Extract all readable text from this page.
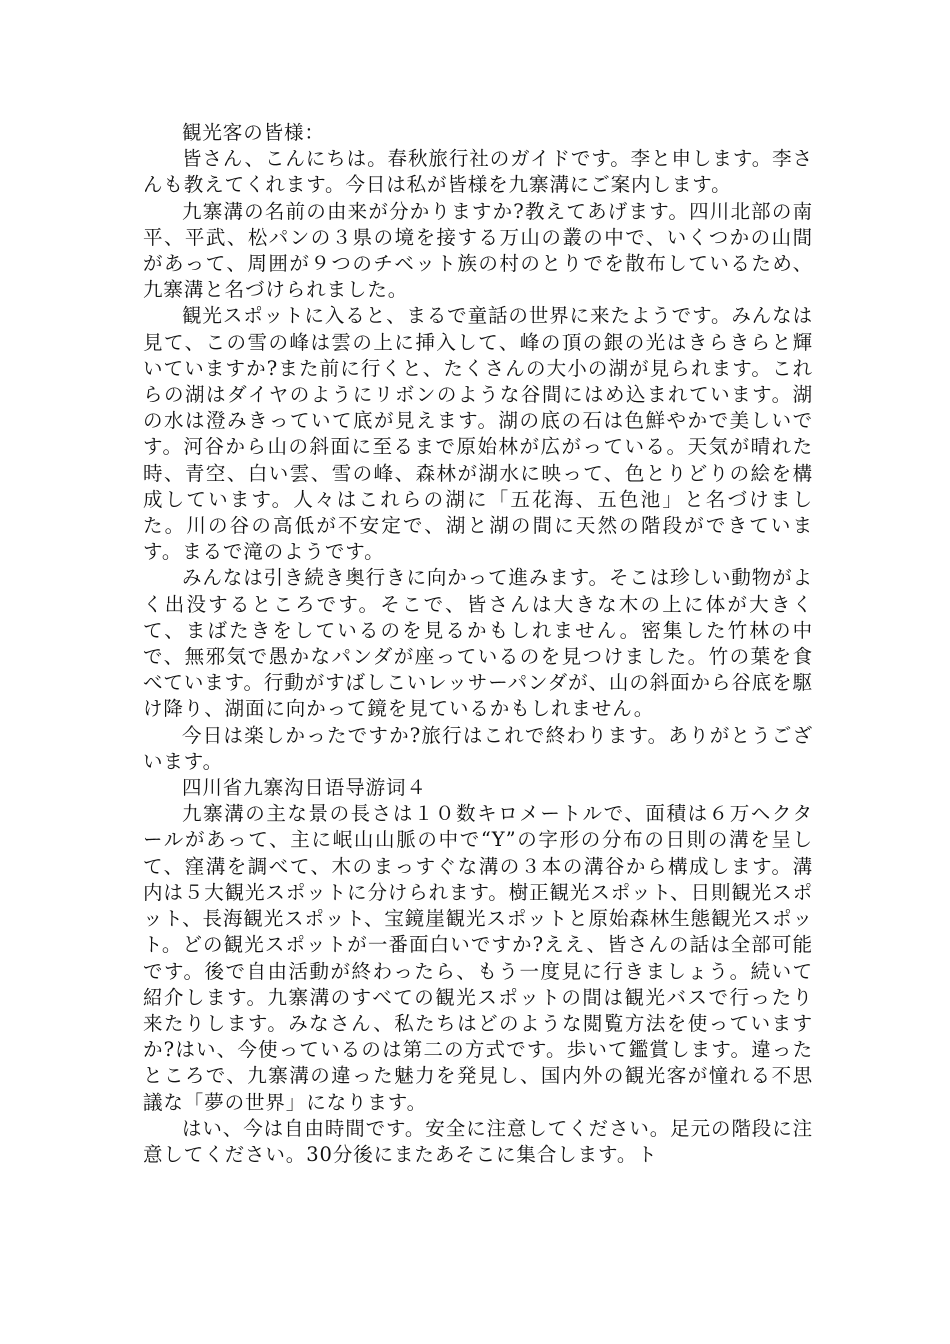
観光客の皆様：

皆さん、こんにちは。春秋旅行社のガイドです。李と申します。李さんも教えてくれます。今日は私が皆様を九寨溝にご案内します。

九寨溝の名前の由来が分かりますか?教えてあげます。四川北部の南平、平武、松パンの３県の境を接する万山の叢の中で、いくつかの山間があって、周囲が９つのチベット族の村のとりでを散布しているため、九寨溝と名づけられました。

観光スポットに入ると、まるで童話の世界に来たようです。みんなは見て、この雪の峰は雲の上に挿入して、峰の頂の銀の光はきらきらと輝いていますか?また前に行くと、たくさんの大小の湖が見られます。これらの湖はダイヤのようにリボンのような谷間にはめ込まれています。湖の水は澄みきっていて底が見えます。湖の底の石は色鮮やかで美しいです。河谷から山の斜面に至るまで原始林が広がっている。天気が晴れた時、青空、白い雲、雪の峰、森林が湖水に映って、色とりどりの絵を構成しています。人々はこれらの湖に「五花海、五色池」と名づけました。川の谷の高低が不安定で、湖と湖の間に天然の階段ができています。まるで滝のようです。

みんなは引き続き奥行きに向かって進みます。そこは珍しい動物がよく出没するところです。そこで、皆さんは大きな木の上に体が大きくて、まばたきをしているのを見るかもしれません。密集した竹林の中で、無邪気で愚かなパンダが座っているのを見つけました。竹の葉を食べています。行動がすばしこいレッサーパンダが、山の斜面から谷底を駆け降り、湖面に向かって鏡を見ているかもしれません。

今日は楽しかったですか?旅行はこれで終わります。ありがとうございます。

四川省九寨沟日语导游词４

九寨溝の主な景の長さは１０数キロメートルで、面積は６万ヘクタールがあって、主に岷山山脈の中で“Y”の字形の分布の日則の溝を呈して、窪溝を調べて、木のまっすぐな溝の３本の溝谷から構成します。溝内は５大観光スポットに分けられます。樹正観光スポット、日則観光スポット、長海観光スポット、宝鏡崖観光スポットと原始森林生態観光スポット。どの観光スポットが一番面白いですか?ええ、皆さんの話は全部可能です。後で自由活動が終わったら、もう一度見に行きましょう。続いて紹介します。九寨溝のすべての観光スポットの間は観光バスで行ったり来たりします。みなさん、私たちはどのような閲覧方法を使っていますか?はい、今使っているのは第二の方式です。歩いて鑑賞します。違ったところで、九寨溝の違った魅力を発見し、国内外の観光客が憧れる不思議な「夢の世界」になります。

はい、今は自由時間です。安全に注意してください。足元の階段に注意してください。30分後にまたあそこに集合します。ト
